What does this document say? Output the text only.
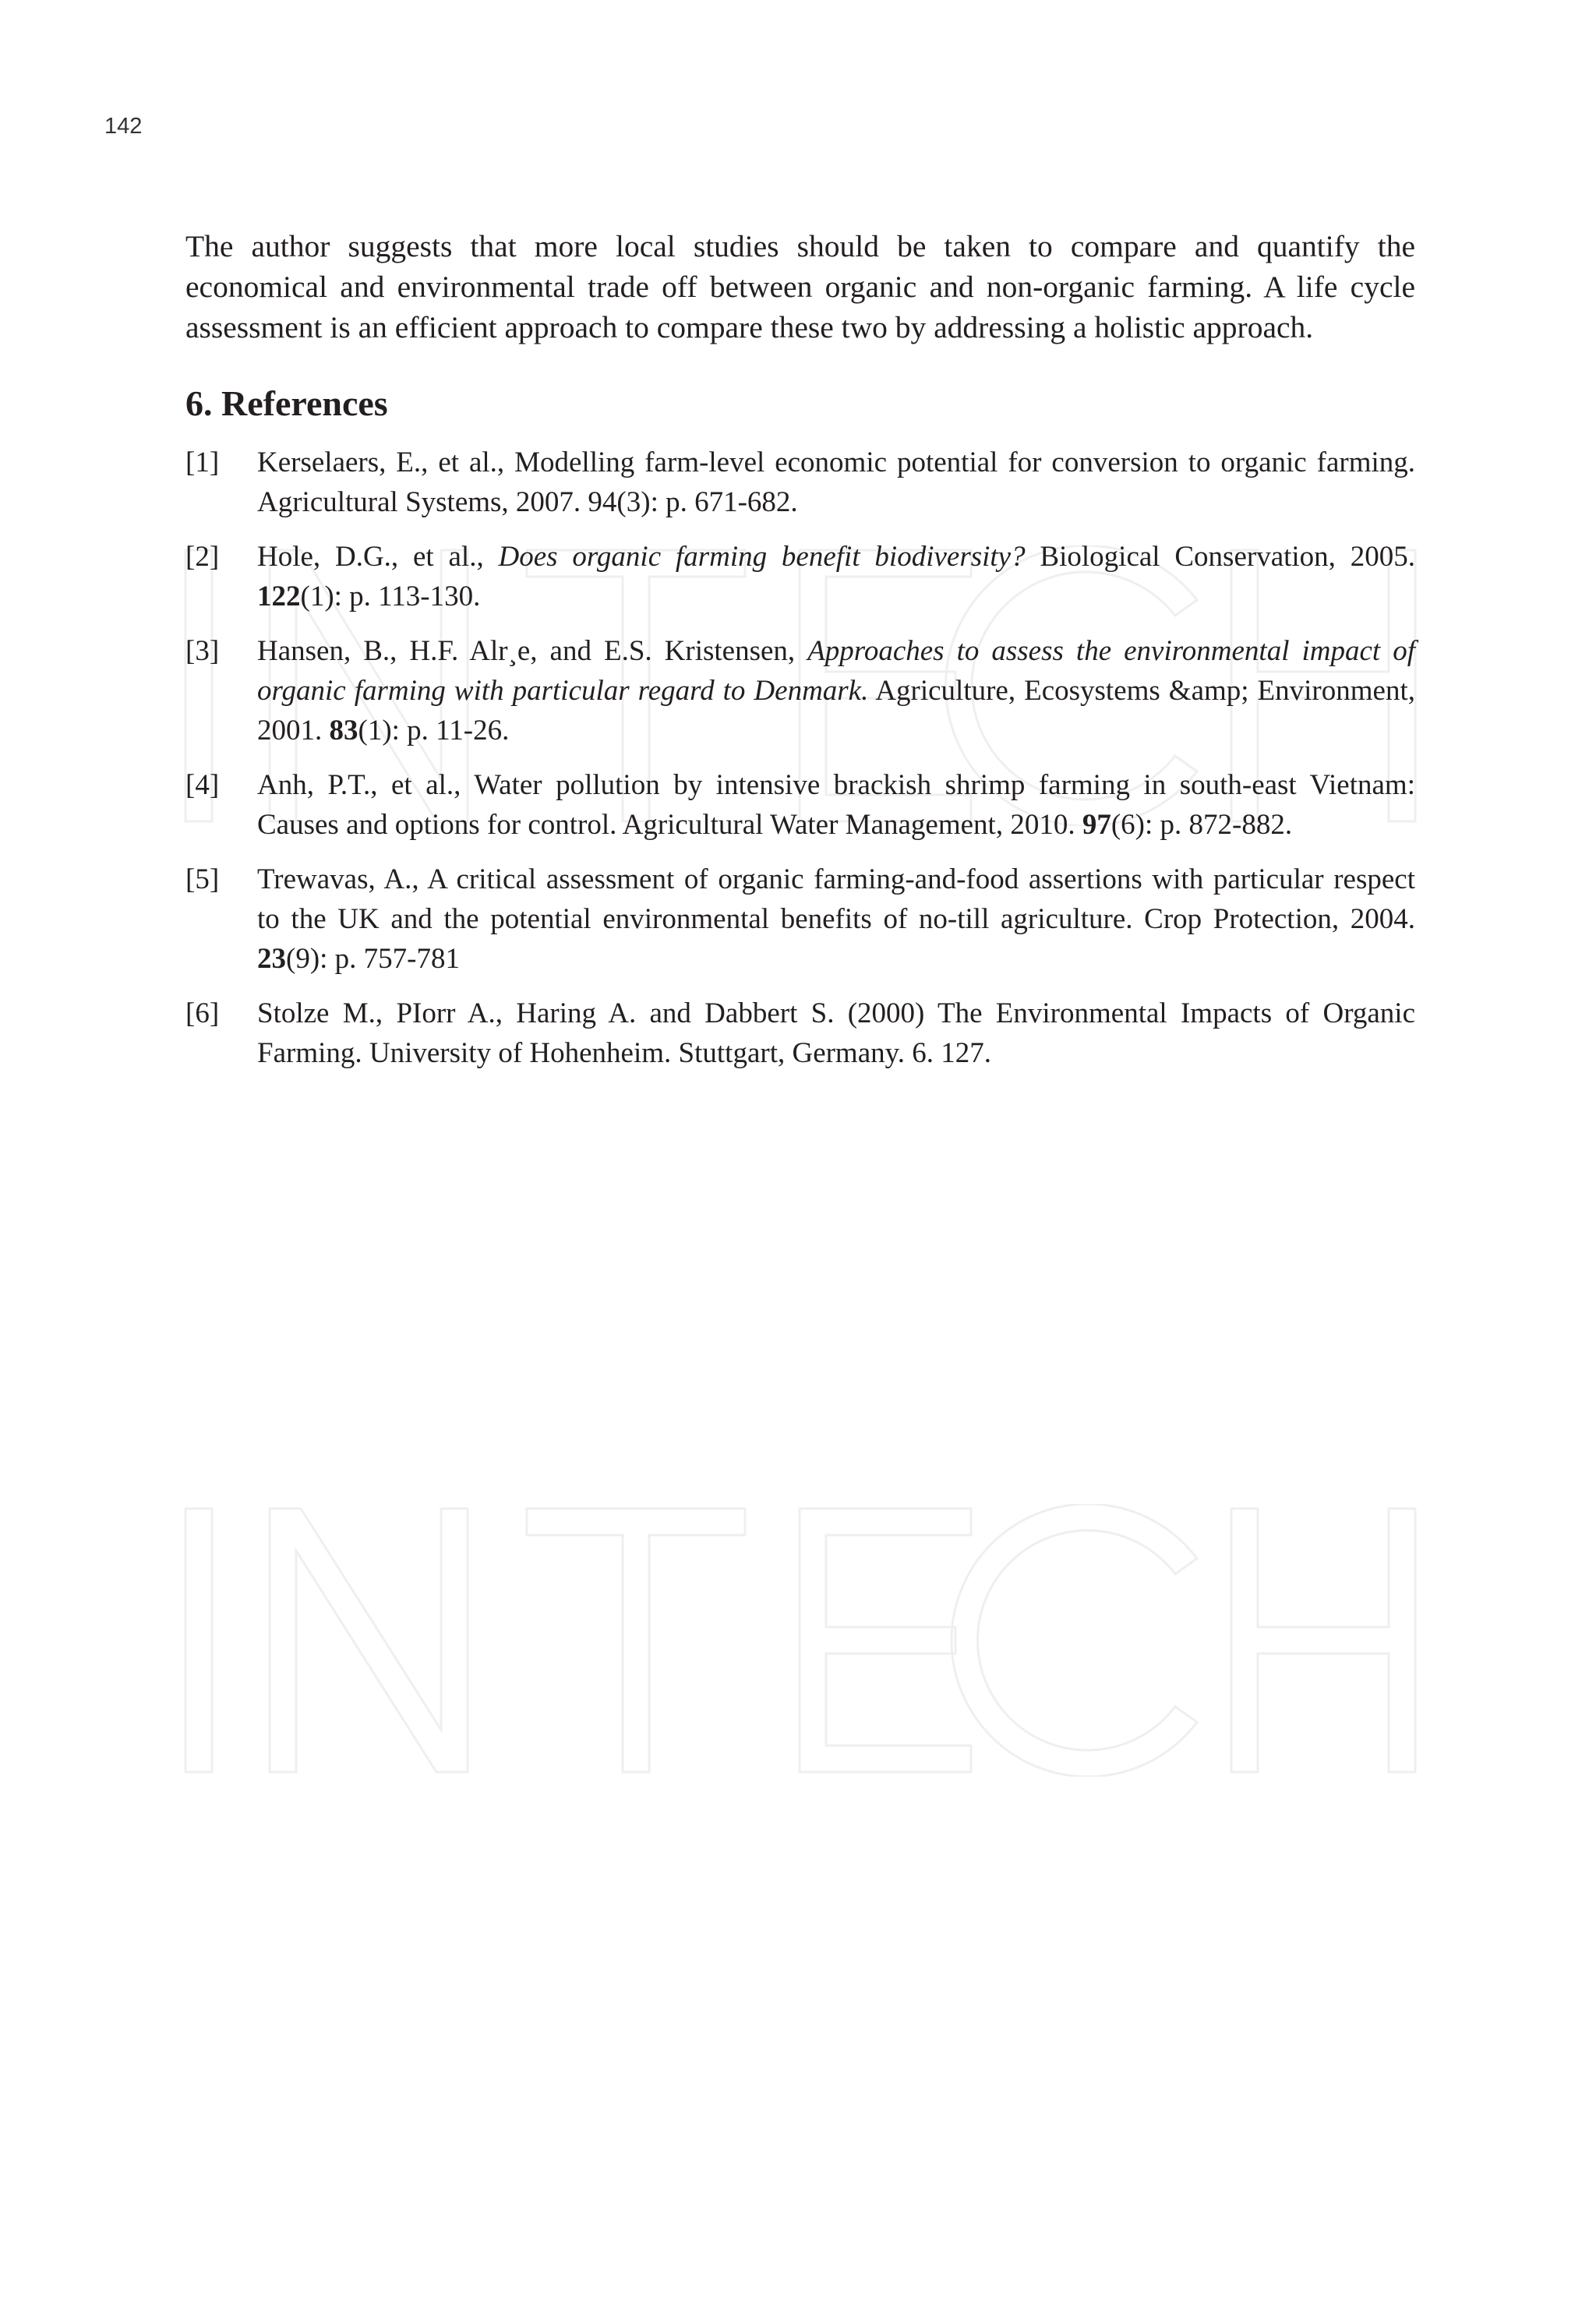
142

The author suggests that more local studies should be taken to compare and quantify the economical and environmental trade off between organic and non-organic farming. A life cycle assessment is an efficient approach to compare these two by addressing a holistic approach.

6. References
[1]	Kerselaers, E., et al., Modelling farm-level economic potential for conversion to organic farming. Agricultural Systems, 2007. 94(3): p. 671-682.
[2]	Hole, D.G., et al., Does organic farming benefit biodiversity? Biological Conservation, 2005. 122(1): p. 113-130.
[3]	Hansen, B., H.F. Alr¸e, and E.S. Kristensen, Approaches to assess the environmental impact of organic farming with particular regard to Denmark. Agriculture, Ecosystems &amp; Environment, 2001. 83(1): p. 11-26.
[4]	Anh, P.T., et al., Water pollution by intensive brackish shrimp farming in south-east Vietnam: Causes and options for control. Agricultural Water Management, 2010. 97(6): p. 872-882.
[5]	Trewavas, A., A critical assessment of organic farming-and-food assertions with particular respect to the UK and the potential environmental benefits of no-till agriculture. Crop Protection, 2004. 23(9): p. 757-781
[6]	Stolze M., PIorr A., Haring A. and Dabbert S. (2000) The Environmental Impacts of Organic Farming. University of Hohenheim. Stuttgart, Germany. 6. 127.
